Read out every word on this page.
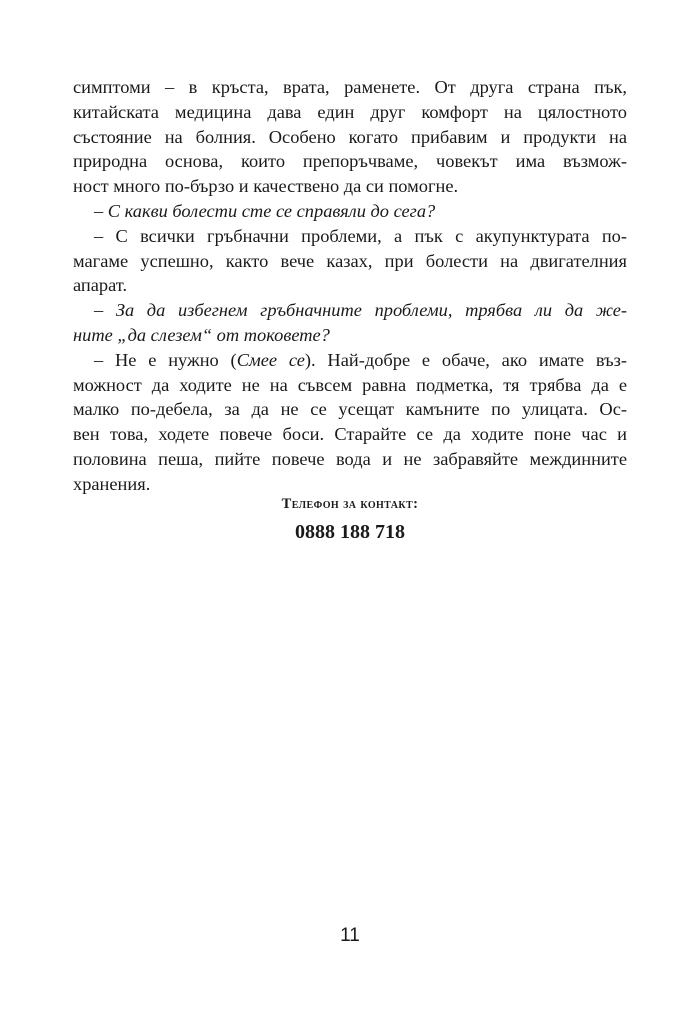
симптоми – в кръста, врата, раменете. От друга страна пък,
китайската медицина дава един друг комфорт на цялостното
състояние на болния. Особено когато прибавим и продукти на
природна основа, които препоръчваме, човекът има възмож-
ност много по-бързо и качествено да си помогне.
– С какви болести сте се справяли до сега?
– С всички гръбначни проблеми, а пък с акупунктурата по-
магаме успешно, както вече казах, при болести на двигателния
апарат.
– За да избегнем гръбначните проблеми, трябва ли да же-
ните „да слезем“ от токовете?
– Не е нужно (Смее се). Най-добре е обаче, ако имате въз-
можност да ходите не на съвсем равна подметка, тя трябва да е
малко по-дебела, за да не се усещат камъните по улицата. Ос-
вен това, ходете повече боси. Старайте се да ходите поне час и
половина пеша, пийте повече вода и не забравяйте междинните
хранения.
Телефон за контакт:
0888 188 718
11
